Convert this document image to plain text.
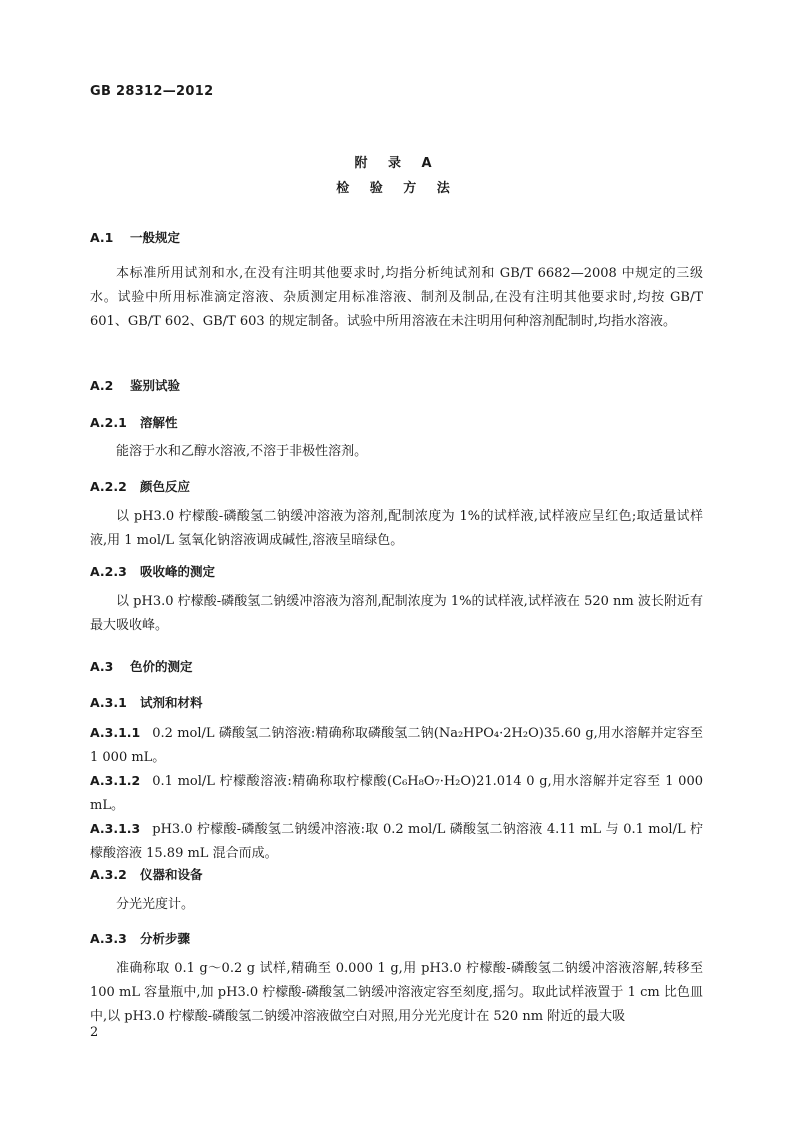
GB 28312—2012
附 录 A
检 验 方 法
A.1 一般规定
本标准所用试剂和水,在没有注明其他要求时,均指分析纯试剂和 GB/T 6682—2008 中规定的三级水。试验中所用标准滴定溶液、杂质测定用标准溶液、制剂及制品,在没有注明其他要求时,均按 GB/T 601、GB/T 602、GB/T 603 的规定制备。试验中所用溶液在未注明用何种溶剂配制时,均指水溶液。
A.2 鉴别试验
A.2.1 溶解性
能溶于水和乙醇水溶液,不溶于非极性溶剂。
A.2.2 颜色反应
以 pH3.0 柠檬酸-磷酸氢二钠缓冲溶液为溶剂,配制浓度为 1%的试样液,试样液应呈红色;取适量试样液,用 1 mol/L 氢氧化钠溶液调成碱性,溶液呈暗绿色。
A.2.3 吸收峰的测定
以 pH3.0 柠檬酸-磷酸氢二钠缓冲溶液为溶剂,配制浓度为 1%的试样液,试样液在 520 nm 波长附近有最大吸收峰。
A.3 色价的测定
A.3.1 试剂和材料
A.3.1.1 0.2 mol/L 磷酸氢二钠溶液:精确称取磷酸氢二钠(Na₂HPO₄·2H₂O)35.60 g,用水溶解并定容至 1 000 mL。
A.3.1.2 0.1 mol/L 柠檬酸溶液:精确称取柠檬酸(C₆H₈O₇·H₂O)21.014 0 g,用水溶解并定容至 1 000 mL。
A.3.1.3 pH3.0 柠檬酸-磷酸氢二钠缓冲溶液:取 0.2 mol/L 磷酸氢二钠溶液 4.11 mL 与 0.1 mol/L 柠檬酸溶液 15.89 mL 混合而成。
A.3.2 仪器和设备
分光光度计。
A.3.3 分析步骤
准确称取 0.1 g～0.2 g 试样,精确至 0.000 1 g,用 pH3.0 柠檬酸-磷酸氢二钠缓冲溶液溶解,转移至 100 mL 容量瓶中,加 pH3.0 柠檬酸-磷酸氢二钠缓冲溶液定容至刻度,摇匀。取此试样液置于 1 cm 比色皿中,以 pH3.0 柠檬酸-磷酸氢二钠缓冲溶液做空白对照,用分光光度计在 520 nm 附近的最大吸
2
